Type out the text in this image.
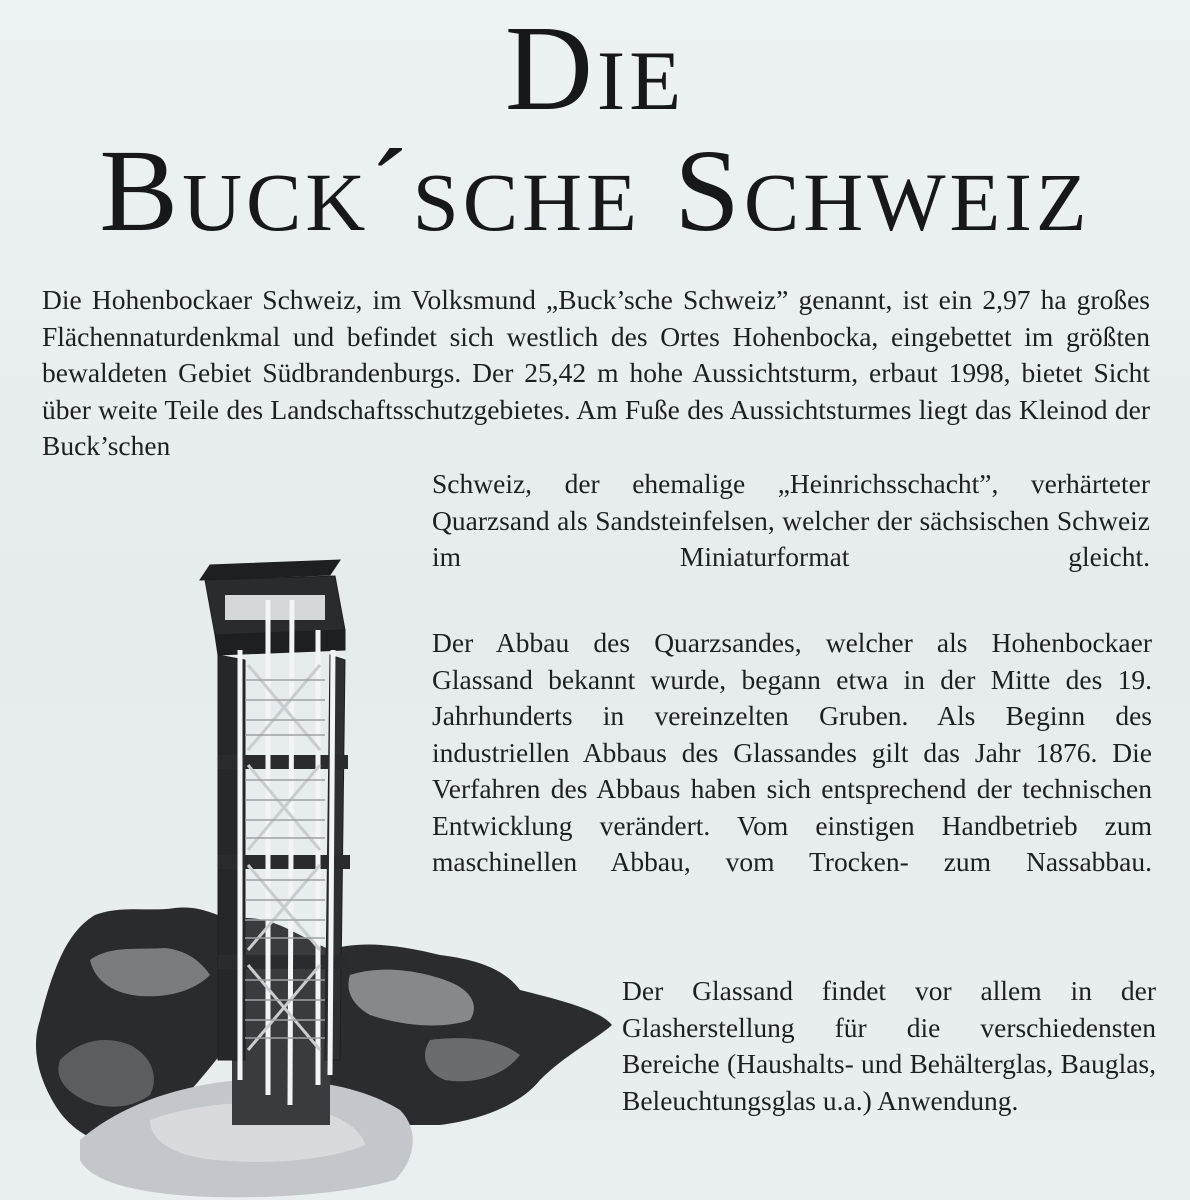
Die
Buck´sche Schweiz

Die Hohenbockaer Schweiz, im Volksmund „Buck’sche Schweiz” genannt, ist ein 2,97 ha großes Flächennaturdenkmal und befindet sich westlich des Ortes Hohenbocka, eingebettet im größten bewaldeten Gebiet Südbrandenburgs. Der 25,42 m hohe Aussichtsturm, erbaut 1998, bietet Sicht über weite Teile des Landschaftsschutzgebietes. Am Fuße des Aussichtsturmes liegt das Kleinod der Buck’schen

Schweiz, der ehemalige „Heinrichsschacht”, verhärteter Quarzsand als Sandsteinfelsen, welcher der sächsischen Schweiz im Miniaturformat gleicht.

Der Abbau des Quarzsandes, welcher als Hohenbockaer Glassand bekannt wurde, begann etwa in der Mitte des 19. Jahrhunderts in vereinzelten Gruben. Als Beginn des industriellen Abbaus des Glassandes gilt das Jahr 1876. Die Verfahren des Abbaus haben sich entsprechend der technischen Entwicklung verändert. Vom einstigen Handbetrieb zum maschinellen Abbau, vom Trocken- zum Nassabbau.

Der Glassand findet vor allem in der Glasherstellung für die verschiedensten Bereiche (Haushalts- und Behälterglas, Bauglas, Beleuchtungsglas u.a.) Anwendung.
